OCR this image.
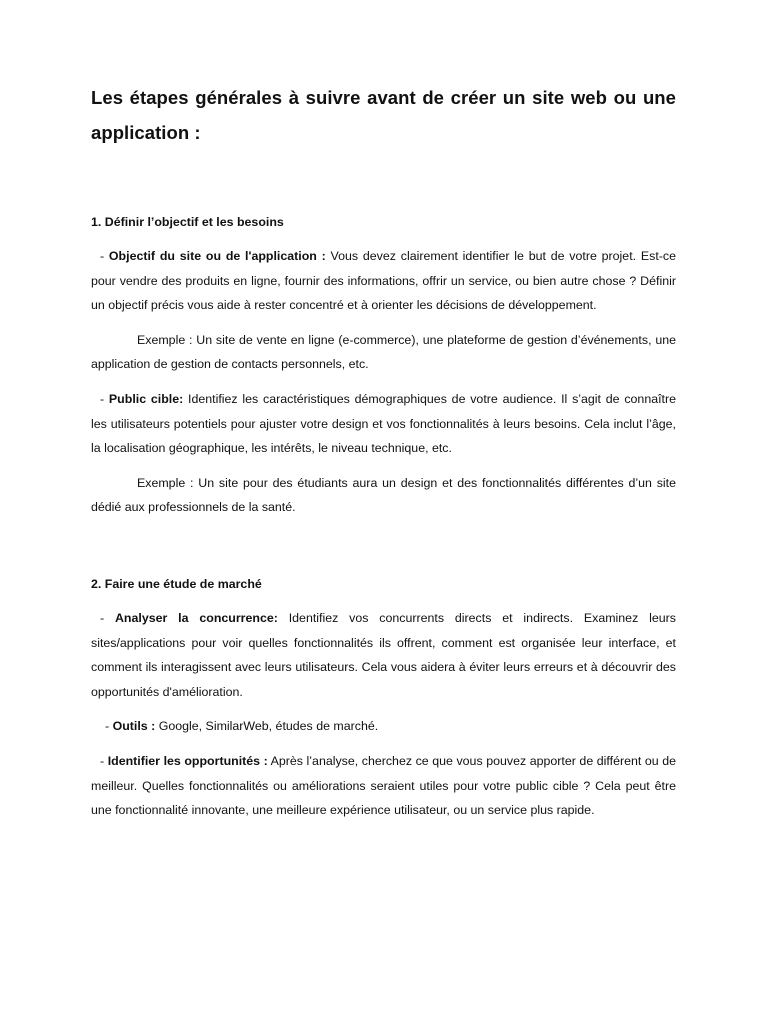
Les étapes générales à suivre avant de créer un site web ou une application :

1. Définir l’objectif et les besoins

- Objectif du site ou de l'application : Vous devez clairement identifier le but de votre projet. Est-ce pour vendre des produits en ligne, fournir des informations, offrir un service, ou bien autre chose ? Définir un objectif précis vous aide à rester concentré et à orienter les décisions de développement.

Exemple : Un site de vente en ligne (e-commerce), une plateforme de gestion d’événements, une application de gestion de contacts personnels, etc.

- Public cible: Identifiez les caractéristiques démographiques de votre audience. Il s’agit de connaître les utilisateurs potentiels pour ajuster votre design et vos fonctionnalités à leurs besoins. Cela inclut l’âge, la localisation géographique, les intérêts, le niveau technique, etc.

Exemple : Un site pour des étudiants aura un design et des fonctionnalités différentes d’un site dédié aux professionnels de la santé.

2. Faire une étude de marché

- Analyser la concurrence: Identifiez vos concurrents directs et indirects. Examinez leurs sites/applications pour voir quelles fonctionnalités ils offrent, comment est organisée leur interface, et comment ils interagissent avec leurs utilisateurs. Cela vous aidera à éviter leurs erreurs et à découvrir des opportunités d'amélioration.

- Outils : Google, SimilarWeb, études de marché.

- Identifier les opportunités : Après l’analyse, cherchez ce que vous pouvez apporter de différent ou de meilleur. Quelles fonctionnalités ou améliorations seraient utiles pour votre public cible ? Cela peut être une fonctionnalité innovante, une meilleure expérience utilisateur, ou un service plus rapide.
